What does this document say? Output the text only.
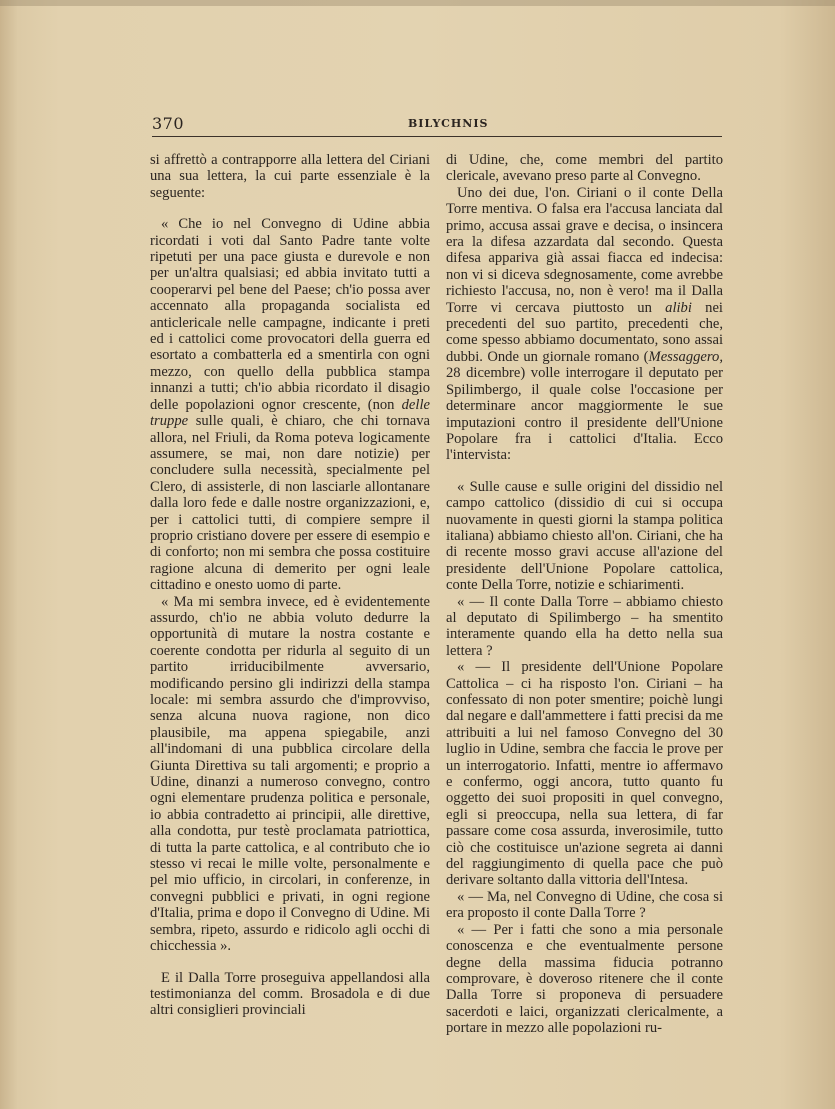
370	BILYCHNIS

si affrettò a contrapporre alla lettera del Ciriani una sua lettera, la cui parte essenziale è la seguente:

« Che io nel Convegno di Udine abbia ricordati i voti dal Santo Padre tante volte ripetuti per una pace giusta e durevole e non per un'altra qualsiasi; ed abbia invitato tutti a cooperarvi pel bene del Paese; ch'io possa aver accennato alla propaganda socialista ed anticlericale nelle campagne, indicante i preti ed i cattolici come provocatori della guerra ed esortato a combatterla ed a smentirla con ogni mezzo, con quello della pubblica stampa innanzi a tutti; ch'io abbia ricordato il disagio delle popolazioni ognor crescente, (non delle truppe sulle quali, è chiaro, che chi tornava allora, nel Friuli, da Roma poteva logicamente assumere, se mai, non dare notizie) per concludere sulla necessità, specialmente pel Clero, di assisterle, di non lasciarle allontanare dalla loro fede e dalle nostre organizzazioni, e, per i cattolici tutti, di compiere sempre il proprio cristiano dovere per essere di esempio e di conforto; non mi sembra che possa costituire ragione alcuna di demerito per ogni leale cittadino e onesto uomo di parte.

« Ma mi sembra invece, ed è evidentemente assurdo, ch'io ne abbia voluto dedurre la opportunità di mutare la nostra costante e coerente condotta per ridurla al seguito di un partito irriducibilmente avversario, modificando persino gli indirizzi della stampa locale: mi sembra assurdo che d'improvviso, senza alcuna nuova ragione, non dico plausibile, ma appena spiegabile, anzi all'indomani di una pubblica circolare della Giunta Direttiva su tali argomenti; e proprio a Udine, dinanzi a numeroso convegno, contro ogni elementare prudenza politica e personale, io abbia contradetto ai principii, alle direttive, alla condotta, pur testè proclamata patriottica, di tutta la parte cattolica, e al contributo che io stesso vi recai le mille volte, personalmente e pel mio ufficio, in circolari, in conferenze, in convegni pubblici e privati, in ogni regione d'Italia, prima e dopo il Convegno di Udine. Mi sembra, ripeto, assurdo e ridicolo agli occhi di chicchessia ».

E il Dalla Torre proseguiva appellandosi alla testimonianza del comm. Brosadola e di due altri consiglieri provinciali

di Udine, che, come membri del partito clericale, avevano preso parte al Convegno.

Uno dei due, l'on. Ciriani o il conte Della Torre mentiva. O falsa era l'accusa lanciata dal primo, accusa assai grave e decisa, o insincera era la difesa azzardata dal secondo. Questa difesa appariva già assai fiacca ed indecisa: non vi si diceva sdegnosamente, come avrebbe richiesto l'accusa, no, non è vero! ma il Dalla Torre vi cercava piuttosto un alibi nei precedenti del suo partito, precedenti che, come spesso abbiamo documentato, sono assai dubbi. Onde un giornale romano (Messaggero, 28 dicembre) volle interrogare il deputato per Spilimbergo, il quale colse l'occasione per determinare ancor maggiormente le sue imputazioni contro il presidente dell'Unione Popolare fra i cattolici d'Italia. Ecco l'intervista:

« Sulle cause e sulle origini del dissidio nel campo cattolico (dissidio di cui si occupa nuovamente in questi giorni la stampa politica italiana) abbiamo chiesto all'on. Ciriani, che ha di recente mosso gravi accuse all'azione del presidente dell'Unione Popolare cattolica, conte Della Torre, notizie e schiarimenti.

« — Il conte Dalla Torre – abbiamo chiesto al deputato di Spilimbergo – ha smentito interamente quando ella ha detto nella sua lettera ?

« — Il presidente dell'Unione Popolare Cattolica – ci ha risposto l'on. Ciriani – ha confessato di non poter smentire; poichè lungi dal negare e dall'ammettere i fatti precisi da me attribuiti a lui nel famoso Convegno del 30 luglio in Udine, sembra che faccia le prove per un interrogatorio. Infatti, mentre io affermavo e confermo, oggi ancora, tutto quanto fu oggetto dei suoi propositi in quel convegno, egli si preoccupa, nella sua lettera, di far passare come cosa assurda, inverosimile, tutto ciò che costituisce un'azione segreta ai danni del raggiungimento di quella pace che può derivare soltanto dalla vittoria dell'Intesa.

« — Ma, nel Convegno di Udine, che cosa si era proposto il conte Dalla Torre ?

« — Per i fatti che sono a mia personale conoscenza e che eventualmente persone degne della massima fiducia potranno comprovare, è doveroso ritenere che il conte Dalla Torre si proponeva di persuadere sacerdoti e laici, organizzati clericalmente, a portare in mezzo alle popolazioni ru-
